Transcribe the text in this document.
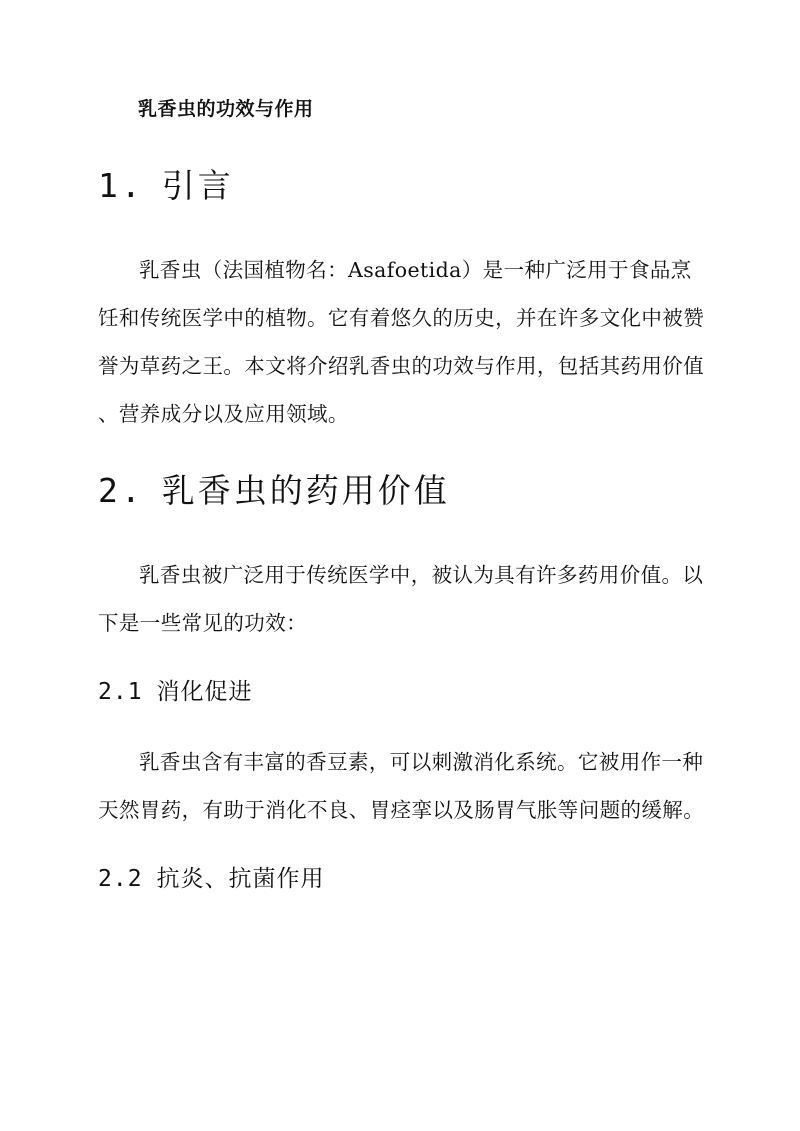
乳香虫的功效与作用
1. 引言
乳香虫（法国植物名：Asafoetida）是一种广泛用于食品烹
饪和传统医学中的植物。它有着悠久的历史，并在许多文化中被赞
誉为草药之王。本文将介绍乳香虫的功效与作用，包括其药用价值
、营养成分以及应用领域。
2. 乳香虫的药用价值
乳香虫被广泛用于传统医学中，被认为具有许多药用价值。以
下是一些常见的功效：
2.1 消化促进
乳香虫含有丰富的香豆素，可以刺激消化系统。它被用作一种
天然胃药，有助于消化不良、胃痉挛以及肠胃气胀等问题的缓解。
2.2 抗炎、抗菌作用
